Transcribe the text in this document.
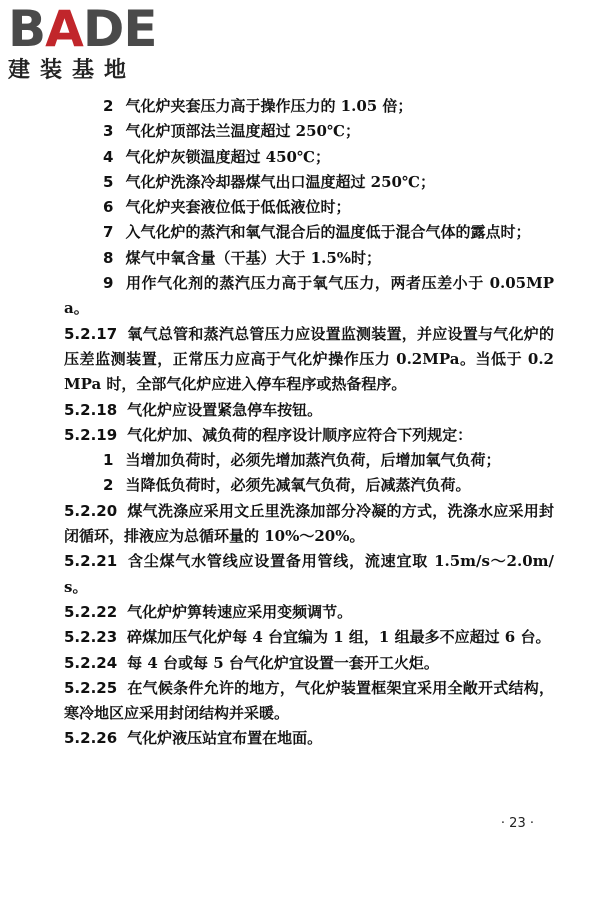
BADE
建装基地

2 气化炉夹套压力高于操作压力的 1.05 倍；

3 气化炉顶部法兰温度超过 250℃；

4 气化炉灰锁温度超过 450℃；

5 气化炉洗涤冷却器煤气出口温度超过 250℃；

6 气化炉夹套液位低于低低液位时；

7 入气化炉的蒸汽和氧气混合后的温度低于混合气体的露点时；

8 煤气中氧含量（干基）大于 1.5%时；

9 用作气化剂的蒸汽压力高于氧气压力，两者压差小于 0.05MPa。

5.2.17 氧气总管和蒸汽总管压力应设置监测装置，并应设置与气化炉的压差监测装置，正常压力应高于气化炉操作压力 0.2MPa。当低于 0.2MPa 时，全部气化炉应进入停车程序或热备程序。

5.2.18 气化炉应设置紧急停车按钮。

5.2.19 气化炉加、减负荷的程序设计顺序应符合下列规定：

1 当增加负荷时，必须先增加蒸汽负荷，后增加氧气负荷；

2 当降低负荷时，必须先减氧气负荷，后减蒸汽负荷。

5.2.20 煤气洗涤应采用文丘里洗涤加部分冷凝的方式，洗涤水应采用封闭循环，排液应为总循环量的 10%～20%。

5.2.21 含尘煤气水管线应设置备用管线，流速宜取 1.5m/s～2.0m/s。

5.2.22 气化炉炉箅转速应采用变频调节。

5.2.23 碎煤加压气化炉每 4 台宜编为 1 组，1 组最多不应超过 6 台。

5.2.24 每 4 台或每 5 台气化炉宜设置一套开工火炬。

5.2.25 在气候条件允许的地方，气化炉装置框架宜采用全敞开式结构，寒冷地区应采用封闭结构并采暖。

5.2.26 气化炉液压站宜布置在地面。

· 23 ·
